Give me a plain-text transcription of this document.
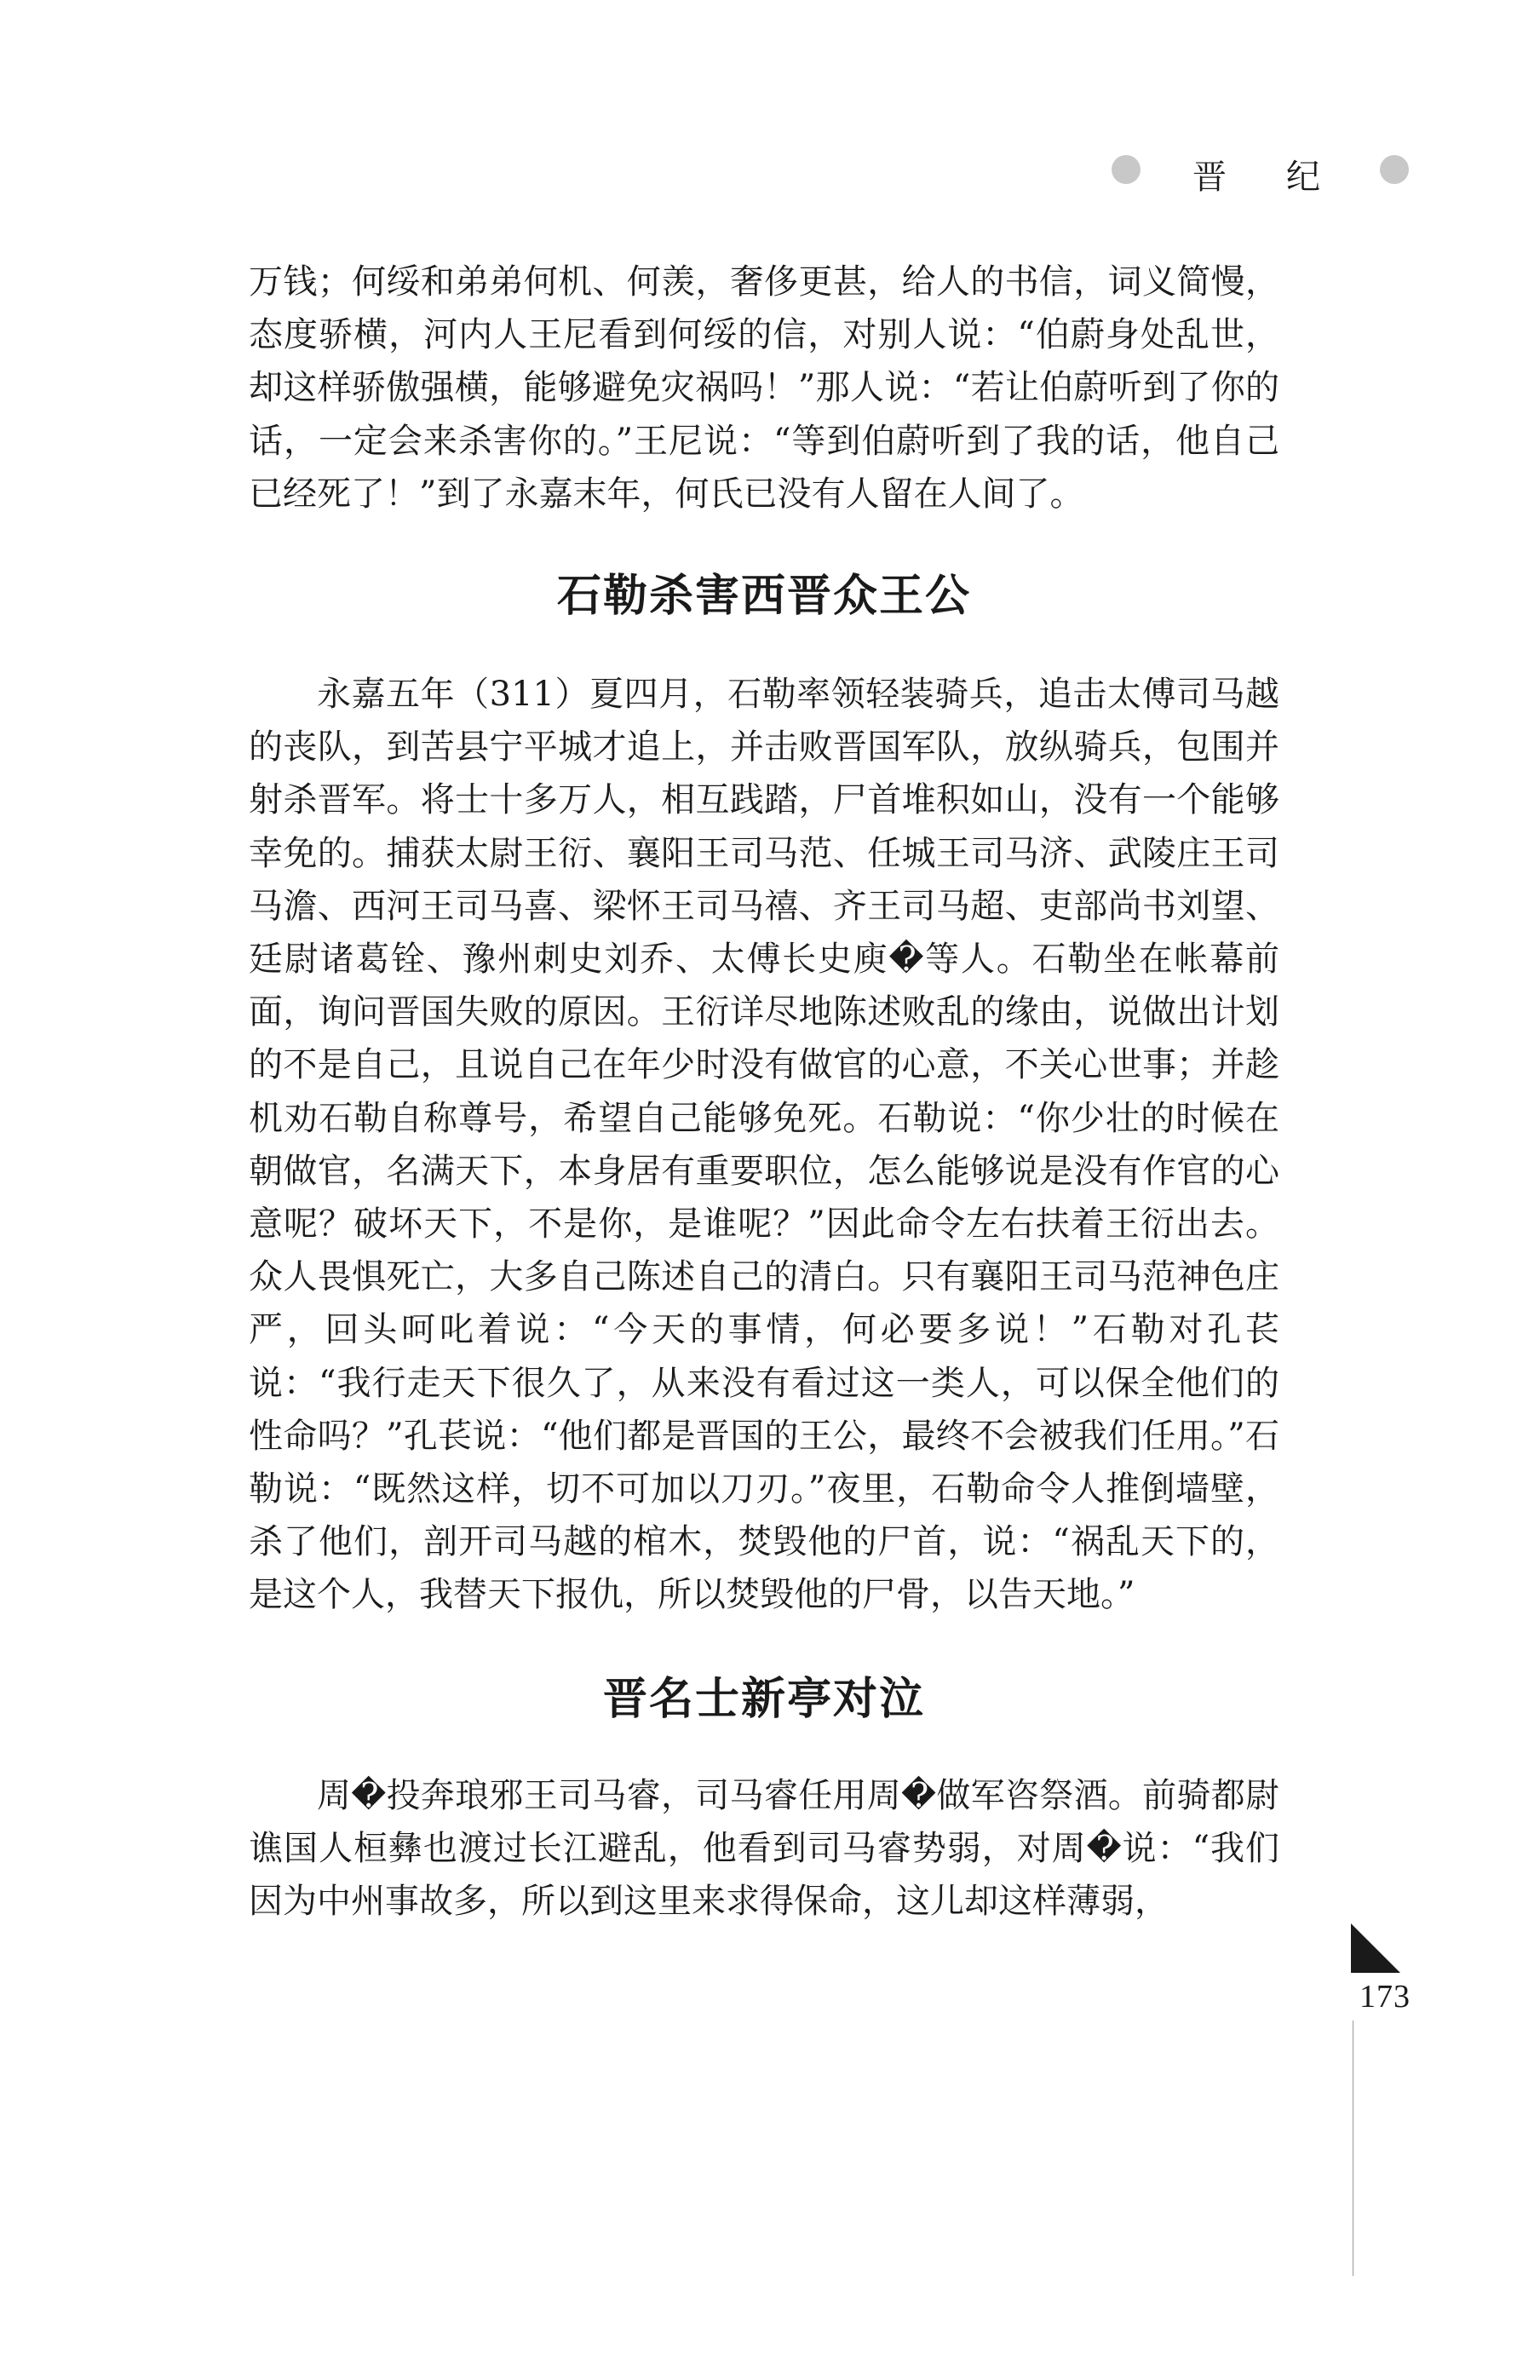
晋纪

万钱；何绥和弟弟何机、何羡，奢侈更甚，给人的书信，词义简慢，态度骄横，河内人王尼看到何绥的信，对别人说：“伯蔚身处乱世，却这样骄傲强横，能够避免灾祸吗！”那人说：“若让伯蔚听到了你的话，一定会来杀害你的。”王尼说：“等到伯蔚听到了我的话，他自己已经死了！”到了永嘉末年，何氏已没有人留在人间了。

石勒杀害西晋众王公

永嘉五年（311）夏四月，石勒率领轻装骑兵，追击太傅司马越的丧队，到苦县宁平城才追上，并击败晋国军队，放纵骑兵，包围并射杀晋军。将士十多万人，相互践踏，尸首堆积如山，没有一个能够幸免的。捕获太尉王衍、襄阳王司马范、任城王司马济、武陵庄王司马澹、西河王司马喜、梁怀王司马禧、齐王司马超、吏部尚书刘望、廷尉诸葛铨、豫州刺史刘乔、太傅长史庾�等人。石勒坐在帐幕前面，询问晋国失败的原因。王衍详尽地陈述败乱的缘由，说做出计划的不是自己，且说自己在年少时没有做官的心意，不关心世事；并趁机劝石勒自称尊号，希望自己能够免死。石勒说：“你少壮的时候在朝做官，名满天下，本身居有重要职位，怎么能够说是没有作官的心意呢？破坏天下，不是你，是谁呢？”因此命令左右扶着王衍出去。众人畏惧死亡，大多自己陈述自己的清白。只有襄阳王司马范神色庄严，回头呵叱着说：“今天的事情，何必要多说！”石勒对孔苌说：“我行走天下很久了，从来没有看过这一类人，可以保全他们的性命吗？”孔苌说：“他们都是晋国的王公，最终不会被我们任用。”石勒说：“既然这样，切不可加以刀刃。”夜里，石勒命令人推倒墙壁，杀了他们，剖开司马越的棺木，焚毁他的尸首，说：“祸乱天下的，是这个人，我替天下报仇，所以焚毁他的尸骨，以告天地。”

晋名士新亭对泣

周�投奔琅邪王司马睿，司马睿任用周�做军咨祭酒。前骑都尉谯国人桓彝也渡过长江避乱，他看到司马睿势弱，对周�说：“我们因为中州事故多，所以到这里来求得保命，这儿却这样薄弱，

173
